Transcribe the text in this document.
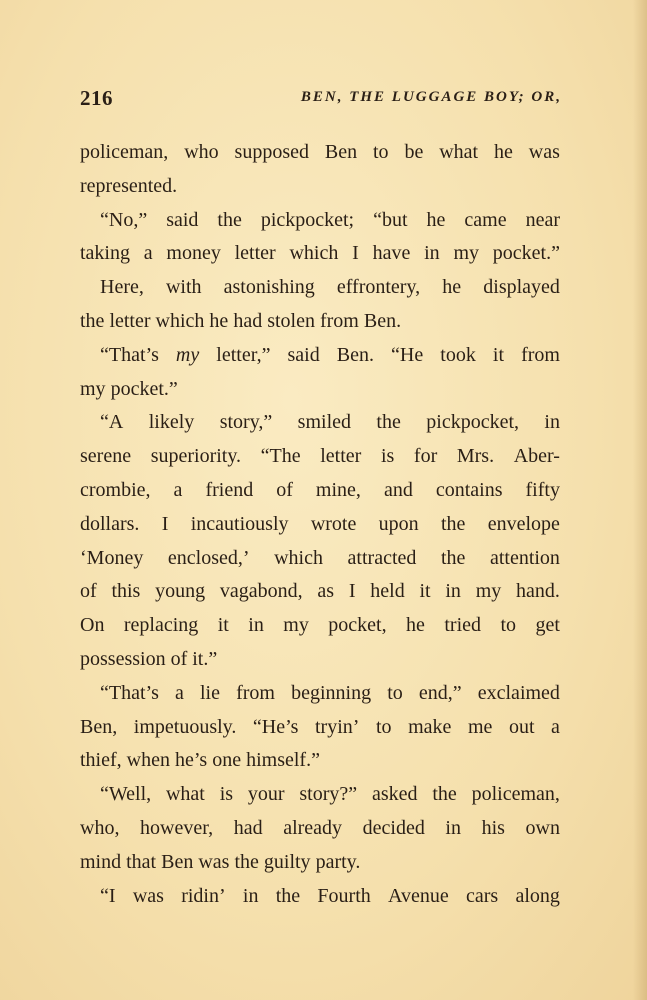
216	BEN, THE LUGGAGE BOY; OR,
policeman, who supposed Ben to be what he was
represented.
“No,” said the pickpocket; “but he came near
taking a money letter which I have in my pocket.”
Here, with astonishing effrontery, he displayed
the
letter
which
he
had
stolen
from
Ben.
“That’s my letter,” said Ben. “He took it from
my
pocket.”
“A likely story,” smiled the pickpocket, in
serene superiority. “The letter is for Mrs. Aber-
crombie, a friend of mine, and contains fifty
dollars. I incautiously wrote upon the envelope
‘Money enclosed,’ which attracted the attention
of this young vagabond, as I held it in my hand.
On replacing it in my pocket, he tried to get
possession
of
it.”
“That’s a lie from beginning to end,” exclaimed
Ben, impetuously. “He’s tryin’ to make me out a
thief,
when
he’s
one
himself.”
“Well, what is your story?” asked the policeman,
who, however, had already decided in his own
mind
that
Ben
was
the
guilty
party.
“I was ridin’ in the Fourth Avenue cars along
